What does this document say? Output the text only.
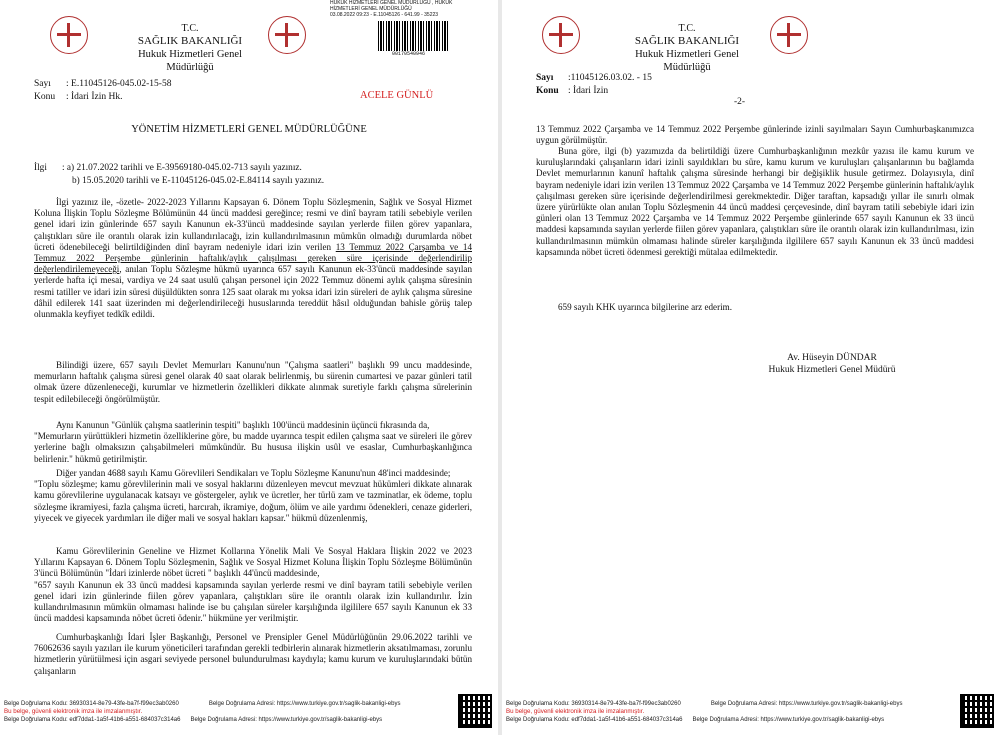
T.C.
SAĞLIK BAKANLIĞI
Hukuk Hizmetleri Genel Müdürlüğü
HUKUK HİZMETLERİ GENEL MÜDÜRLÜĞÜ , HUKUK
HİZMETLERİ GENEL MÜDÜRLÜĞÜ
03.08.2022 09:23 - E.11045126 - 641.99 - 35223
00170540946
Sayı : E.11045126-045.02-15-58
Konu : İdari İzin Hk.	ACELE GÜNLÜ
YÖNETİM HİZMETLERİ GENEL MÜDÜRLÜĞÜNE
İlgi : a) 21.07.2022 tarihli ve E-39569180-045.02-713 sayılı yazınız.
b) 15.05.2020 tarihli ve E-11045126-045.02-E.84114 sayılı yazınız.
İlgi yazınız ile, -özetle- 2022-2023 Yıllarını Kapsayan 6. Dönem Toplu Sözleşmenin, Sağlık ve Sosyal Hizmet Koluna İlişkin Toplu Sözleşme Bölümünün 44 üncü maddesi gereğince; resmi ve dinî bayram tatili sebebiyle verilen genel idari izin günlerinde 657 sayılı Kanunun ek-33'üncü maddesinde sayılan yerlerde fiilen görev yapanlara, çalıştıkları süre ile orantılı olarak izin kullandırılacağı, izin kullandırılmasının mümkün olmadığı durumlarda nöbet ücreti ödenebileceği belirtildiğinden dinî bayram nedeniyle idari izin verilen 13 Temmuz 2022 Çarşamba ve 14 Temmuz 2022 Perşembe günlerinin haftalık/aylık çalışılması gereken süre içerisinde değerlendirilip değerlendirilemeyeceği, anılan Toplu Sözleşme hükmü uyarınca 657 sayılı Kanunun ek-33'üncü maddesinde sayılan yerlerde hafta içi mesai, vardiya ve 24 saat usulü çalışan personel için 2022 Temmuz dönemi aylık çalışma süresinin resmi tatiller ve idari izin süresi düşüldükten sonra 125 saat olarak mı yoksa idari izin süreleri de aylık çalışma süresine dâhil edilerek 141 saat üzerinden mi değerlendirileceği hususlarında tereddüt hâsıl olduğundan bahisle görüş talep olunmakla keyfiyet tedkîk edildi.
Bilindiği üzere, 657 sayılı Devlet Memurları Kanunu'nun "Çalışma saatleri" başlıklı 99 uncu maddesinde, memurların haftalık çalışma süresi genel olarak 40 saat olarak belirlenmiş, bu sürenin cumartesi ve pazar günleri tatil olmak üzere düzenleneceği, kurumlar ve hizmetlerin özellikleri dikkate alınmak suretiyle farklı çalışma sürelerinin tespit edilebileceği öngörülmüştür.
Aynı Kanunun "Günlük çalışma saatlerinin tespiti" başlıklı 100'üncü maddesinin üçüncü fıkrasında da,
"Memurların yürüttükleri hizmetin özelliklerine göre, bu madde uyarınca tespit edilen çalışma saat ve süreleri ile görev yerlerine bağlı olmaksızın çalışabilmeleri mümkündür. Bu hususa ilişkin usûl ve esaslar, Cumhurbaşkanlığınca belirlenir." hükmü getirilmiştir.
Diğer yandan 4688 sayılı Kamu Görevlileri Sendikaları ve Toplu Sözleşme Kanunu'nun 48'inci maddesinde;
"Toplu sözleşme; kamu görevlilerinin mali ve sosyal haklarını düzenleyen mevcut mevzuat hükümleri dikkate alınarak kamu görevlilerine uygulanacak katsayı ve göstergeler, aylık ve ücretler, her türlü zam ve tazminatlar, ek ödeme, toplu sözleşme ikramiyesi, fazla çalışma ücreti, harcırah, ikramiye, doğum, ölüm ve aile yardımı ödenekleri, cenaze giderleri, yiyecek ve giyecek yardımları ile diğer mali ve sosyal hakları kapsar." hükmü düzenlenmiş,
Kamu Görevlilerinin Geneline ve Hizmet Kollarına Yönelik Mali Ve Sosyal Haklara İlişkin 2022 ve 2023 Yıllarını Kapsayan 6. Dönem Toplu Sözleşmenin, Sağlık ve Sosyal Hizmet Koluna İlişkin Toplu Sözleşme Bölümünün 3'üncü Bölümünün "İdari izinlerde nöbet ücreti " başlıklı 44'üncü maddesinde,
"657 sayılı Kanunun ek 33 üncü maddesi kapsamında sayılan yerlerde resmi ve dinî bayram tatili sebebiyle verilen genel idari izin günlerinde fiilen görev yapanlara, çalıştıkları süre ile orantılı olarak izin kullandırılır. İzin kullandırılmasının mümkün olmaması halinde ise bu çalışılan süreler karşılığında ilgililere 657 sayılı Kanunun ek 33 üncü maddesi kapsamında nöbet ücreti ödenir." hükmüne yer verilmiştir.
Cumhurbaşkanlığı İdari İşler Başkanlığı, Personel ve Prensipler Genel Müdürlüğünün 29.06.2022 tarihli ve 76062636 sayılı yazıları ile kurum yöneticileri tarafından gerekli tedbirlerin alınarak hizmetlerin aksatılmaması, zorunlu hizmetlerin yürütülmesi için asgari seviyede personel bulundurulması kaydıyla; kamu kurum ve kuruluşlarındaki bütün çalışanların
Belge Doğrulama Kodu: 36930314-8e79-43fe-ba7f-f99ec3ab0260	Belge Doğrulama Adresi: https://www.turkiye.gov.tr/saglik-bakanligi-ebys
Bu belge, güvenli elektronik imza ile imzalanmıştır.
Belge Doğrulama Kodu: edf7dda1-1a5f-41b6-a551-684037c314a6 Belge Doğrulama Adresi: https://www.turkiye.gov.tr/saglik-bakanligi-ebys
T.C.
SAĞLIK BAKANLIĞI
Hukuk Hizmetleri Genel Müdürlüğü
Sayı :11045126.03.02. - 15
Konu : İdari İzin
-2-
13 Temmuz 2022 Çarşamba ve 14 Temmuz 2022 Perşembe günlerinde izinli sayılmaları Sayın Cumhurbaşkanımızca uygun görülmüştür.
Buna göre, ilgi (b) yazımızda da belirtildiği üzere Cumhurbaşkanlığının mezkûr yazısı ile kamu kurum ve kuruluşlarındaki çalışanların idari izinli sayıldıkları bu süre, kamu kurum ve kuruluşları çalışanlarının bu bağlamda Devlet memurlarının kanunî haftalık çalışma süresinde herhangi bir değişiklik husule getirmez. Dolayısıyla, dinî bayram nedeniyle idari izin verilen 13 Temmuz 2022 Çarşamba ve 14 Temmuz 2022 Perşembe günlerinin haftalık/aylık çalışılması gereken süre içerisinde değerlendirilmesi gerekmektedir. Diğer taraftan, kapsadığı yıllar ile sınırlı olmak üzere yürürlükte olan anılan Toplu Sözleşmenin 44 üncü maddesi çerçevesinde, dinî bayram tatili sebebiyle idari izin günleri olan 13 Temmuz 2022 Çarşamba ve 14 Temmuz 2022 Perşembe günlerinde 657 sayılı Kanunun ek 33 üncü maddesi kapsamında sayılan yerlerde fiilen görev yapanlara, çalıştıkları süre ile orantılı olarak izin kullandırılması, izin kullandırılmasının mümkün olmaması halinde süreler karşılığında ilgililere 657 sayılı Kanunun ek 33 üncü maddesi kapsamında nöbet ücreti ödenmesi gerektiği mütalaa edilmektedir.
659 sayılı KHK uyarınca bilgilerine arz ederim.
Av. Hüseyin DÜNDAR
Hukuk Hizmetleri Genel Müdürü
Belge Doğrulama Kodu: 36930314-8e79-43fe-ba7f-f99ec3ab0260	Belge Doğrulama Adresi: https://www.turkiye.gov.tr/saglik-bakanligi-ebys
Bu belge, güvenli elektronik imza ile imzalanmıştır.
Belge Doğrulama Kodu: edf7dda1-1a5f-41b6-a551-684037c314a6 Belge Doğrulama Adresi: https://www.turkiye.gov.tr/saglik-bakanligi-ebys
